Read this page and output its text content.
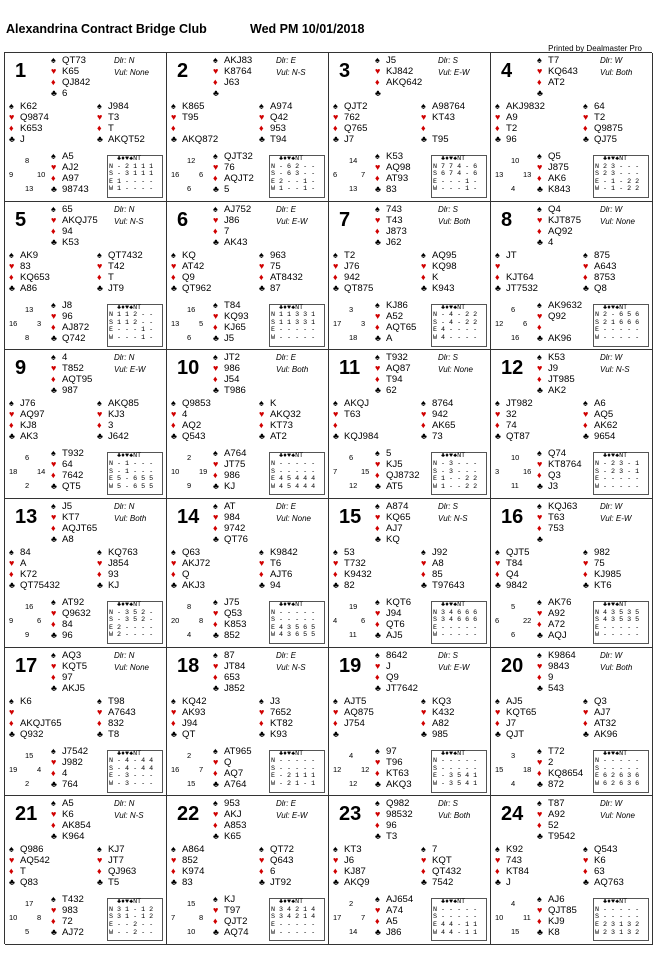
Alexandrina Contract Bridge Club	Wed PM 10/01/2018
Printed by Dealmaster Pro
1	Dlr: N
Vul: None
♠ QT73
♥ K65
♦ QJ842
♣ 6
♠ K62
♥ Q9874
♦ K653
♣ J
♠ J984
♥ T3
♦ T
♣ AKQT52
♠ A5
♥ AJ2
♦ A97
♣ 98743
8
9	10
13
♣♦♥♠NT
N - 2 1 1 1
S - 3 1 1 1
E 1 - - - -
W 1 - - - -
2	Dlr: E
Vul: N-S
♠ AKJ83
♥ K8764
♦ J63
♣
♠ K865
♥ T95
♦
♣ AKQ872
♠ A974
♥ Q42
♦ 953
♣ T94
♠ QJT32
♥ 76
♦ AQJT2
♣ 5
12
16	6
6
♣♦♥♠NT
N - 6 2 - -
S - 6 3 - -
E 2 - - 1 -
W 1 - - 1 -
3	Dlr: S
Vul: E-W
♠ J5
♥ KJ842
♦ AKQ642
♣
♠ QJT2
♥ 762
♦ Q765
♣ J7
♠ A98764
♥ KT43
♦
♣ T95
♠ K53
♥ AQ98
♦ AT93
♣ 83
14
6	7
13
♣♦♥♠NT
N 7 7 4 - 6
S 6 7 4 - 6
E - - - 1 -
W - - - 1 -
4	Dlr: W
Vul: Both
♠ T7
♥ KQ643
♦ AT2
♣
♠ AKJ9832
♥ A9
♦ T2
♣ 96
♠ 64
♥ T2
♦ Q9875
♣ QJ75
♠ Q5
♥ J875
♦ AK6
♣ K843
10
13	13
4
♣♦♥♠NT
N 2 3 - - -
S 2 3 - - -
E - 1 - 2 2
W - 1 - 2 2
5	Dlr: N
Vul: N-S
♠ 65
♥ AKQJ75
♦ 94
♣ K53
♠ AK9
♥ 83
♦ KQ653
♣ A86
♠ QT7432
♥ T42
♦ T
♣ JT9
♠ J8
♥ 96
♦ AJ872
♣ Q742
13
16	3
8
♣♦♥♠NT
N 1 1 2 - -
S 1 1 2 - -
E - - - 1 -
W - - - 1 -
6	Dlr: E
Vul: E-W
♠ AJ752
♥ J86
♦ 7
♣ AK43
♠ KQ
♥ AT42
♦ Q9
♣ QT962
♠ 963
♥ 75
♦ AT8432
♣ 87
♠ T84
♥ KQ93
♦ KJ65
♣ J5
16
13	5
6
♣♦♥♠NT
N 1 1 3 3 1
S 1 1 3 3 1
E - - - - -
W - - - - -
7	Dlr: S
Vul: Both
♠ 743
♥ T43
♦ J873
♣ J62
♠ T2
♥ J76
♦ 942
♣ QT875
♠ AQ95
♥ KQ98
♦ K
♣ K943
♠ KJ86
♥ A52
♦ AQT65
♣ A
3
17	3
18
♣♦♥♠NT
N - 4 - 2 2
S - 4 - 2 2
E 4 - - - -
W 4 - - - -
8	Dlr: W
Vul: None
♠ Q4
♥ KJT875
♦ AQ92
♣ 4
♠ JT
♥
♦ KJT64
♣ JT7532
♠ 875
♥ A643
♦ 8753
♣ Q8
♠ AK9632
♥ Q92
♦
♣ AK96
6
12	6
16
♣♦♥♠NT
N 2 - 6 5 6
S 2 1 6 6 6
E - - - - -
W - - - - -
9	Dlr: N
Vul: E-W
♠ 4
♥ T852
♦ AQT95
♣ 987
♠ J76
♥ AQ97
♦ KJ8
♣ AK3
♠ AKQ85
♥ KJ3
♦ 3
♣ J642
♠ T932
♥ 64
♦ 7642
♣ QT5
6
18	14
2
♣♦♥♠NT
N - 1 - - -
S - 1 - - -
E 5 - 6 5 5
W 5 - 6 5 5
10	Dlr: E
Vul: Both
♠ JT2
♥ 986
♦ J54
♣ T986
♠ Q9853
♥ 4
♦ AQ2
♣ Q543
♠ K
♥ AKQ32
♦ KT73
♣ AT2
♠ A764
♥ JT75
♦ 986
♣ KJ
2
10	19
9
♣♦♥♠NT
N - - - - -
S - - - - -
E 4 5 4 4 4
W 4 5 4 4 4
11	Dlr: S
Vul: None
♠ T932
♥ AQ87
♦ T94
♣ 62
♠ AKQJ
♥ T63
♦
♣ KQJ984
♠ 8764
♥ 942
♦ AK65
♣ 73
♠ 5
♥ KJ5
♦ QJ8732
♣ AT5
6
7	15
12
♣♦♥♠NT
N - 3 - - -
S - 3 - - -
E 1 - - 2 2
W 1 - - 2 2
12	Dlr: W
Vul: N-S
♠ K53
♥ J9
♦ JT985
♣ AK2
♠ JT982
♥ 32
♦ 74
♣ QT87
♠ A6
♥ AQ5
♦ AK62
♣ 9654
♠ Q74
♥ KT8764
♦ Q3
♣ J3
10
3	16
11
♣♦♥♠NT
N - 2 3 - 1
S - 2 3 - 1
E - - - - -
W - - - - -
13	Dlr: N
Vul: Both
♠ J5
♥ KT7
♦ AQJT65
♣ A8
♠ 84
♥ A
♦ K72
♣ QT75432
♠ KQ763
♥ J854
♦ 93
♣ KJ
♠ AT92
♥ Q9632
♦ 84
♣ 96
16
9	6
9
♣♦♥♠NT
N - 3 5 2 -
S - 3 5 2 -
E 2 - - - -
W 2 - - - -
14	Dlr: E
Vul: None
♠ AT
♥ 984
♦ 9742
♣ QT76
♠ Q63
♥ AKJ72
♦ Q
♣ AKJ3
♠ K9842
♥ T6
♦ AJT6
♣ 94
♠ J75
♥ Q53
♦ K853
♣ 852
8
20	8
4
♣♦♥♠NT
N - - - - -
S - - - - -
E 4 3 5 6 5
W 4 3 6 5 5
15	Dlr: S
Vul: N-S
♠ A874
♥ KQ65
♦ AJ7
♣ KQ
♠ 53
♥ T732
♦ K9432
♣ 82
♠ J92
♥ A8
♦ 85
♣ T97643
♠ KQT6
♥ J94
♦ QT6
♣ AJ5
19
4	6
11
♣♦♥♠NT
N 3 4 6 6 6
S 3 4 6 6 6
E - - - - -
W - - - - -
16	Dlr: W
Vul: E-W
♠ KQJ63
♥ T63
♦ 753
♣
♠ QJT5
♥ T84
♦ Q4
♣ 9842
♠ 982
♥ 75
♦ KJ985
♣ KT6
♠ AK76
♥ A92
♦ A72
♣ AQJ
5
6	22
6
♣♦♥♠NT
N 4 3 5 3 5
S 4 3 5 3 5
E - - - - -
W - - - - -
17	Dlr: N
Vul: None
♠ AQ3
♥ KQT5
♦ 97
♣ AKJ5
♠ K6
♥
♦ AKQJT65
♣ Q932
♠ T98
♥ A7643
♦ 832
♣ T8
♠ J7542
♥ J982
♦ 4
♣ 764
15
19	4
2
♣♦♥♠NT
N - 4 - 4 4
S - 4 - 4 4
E - 3 - - -
W - 3 - - -
18	Dlr: E
Vul: N-S
♠ 87
♥ JT84
♦ 653
♣ J852
♠ KQ42
♥ AK93
♦ J94
♣ QT
♠ J3
♥ 7652
♦ KT82
♣ K93
♠ AT965
♥ Q
♦ AQ7
♣ A764
2
16	7
15
♣♦♥♠NT
N - - - - -
S - - - - -
E - 2 1 1 1
W - 2 1 - 1
19	Dlr: S
Vul: E-W
♠ 8642
♥ J
♦ Q9
♣ JT7642
♠ AJT5
♥ AQ875
♦ J754
♣
♠ KQ3
♥ K432
♦ A82
♣ 985
♠ 97
♥ T96
♦ KT63
♣ AKQ3
4
12	12
12
♣♦♥♠NT
N - - - - -
S - - - - -
E - 3 5 4 1
W - 3 5 4 1
20	Dlr: W
Vul: Both
♠ K9864
♥ 9843
♦ 9
♣ 543
♠ AJ5
♥ KQT65
♦ J7
♣ QJT
♠ Q3
♥ AJ7
♦ AT32
♣ AK96
♠ T72
♥ 2
♦ KQ8654
♣ 872
3
15	18
4
♣♦♥♠NT
N - - - - -
S - - - - -
E 6 2 6 3 6
W 6 2 6 3 6
21	Dlr: N
Vul: N-S
♠ A5
♥ K6
♦ AK854
♣ K964
♠ Q986
♥ AQ542
♦ T
♣ Q83
♠ KJ7
♥ JT7
♦ QJ963
♣ T5
♠ T432
♥ 983
♦ 72
♣ AJ72
17
10	8
5
♣♦♥♠NT
N 3 1 - 1 2
S 3 1 - 1 2
E - - 2 - -
W - - 2 - -
22	Dlr: E
Vul: E-W
♠ 953
♥ AKJ
♦ A853
♣ K65
♠ A864
♥ 852
♦ K974
♣ 83
♠ QT72
♥ Q643
♦ 6
♣ JT92
♠ KJ
♥ T97
♦ QJT2
♣ AQ74
15
7	8
10
♣♦♥♠NT
N 3 4 2 1 4
S 3 4 2 1 4
E - - - - -
W - - - - -
23	Dlr: S
Vul: Both
♠ Q982
♥ 98532
♦ 96
♣ T3
♠ KT3
♥ J6
♦ KJ87
♣ AKQ9
♠ 7
♥ KQT
♦ QT432
♣ 7542
♠ AJ654
♥ A74
♦ A5
♣ J86
2
17	7
14
♣♦♥♠NT
N - - - - -
S - - - - -
E 4 4 - 1 1
W 4 4 - 1 1
24	Dlr: W
Vul: None
♠ T87
♥ A92
♦ 52
♣ T9542
♠ K92
♥ 743
♦ KT84
♣ J
♠ Q543
♥ K6
♦ 63
♣ AQ763
♠ AJ6
♥ QJT85
♦ KJ9
♣ K8
4
10	11
15
♣♦♥♠NT
N - - - - -
S - - - - -
E 2 3 1 3 2
W 2 3 1 3 2
